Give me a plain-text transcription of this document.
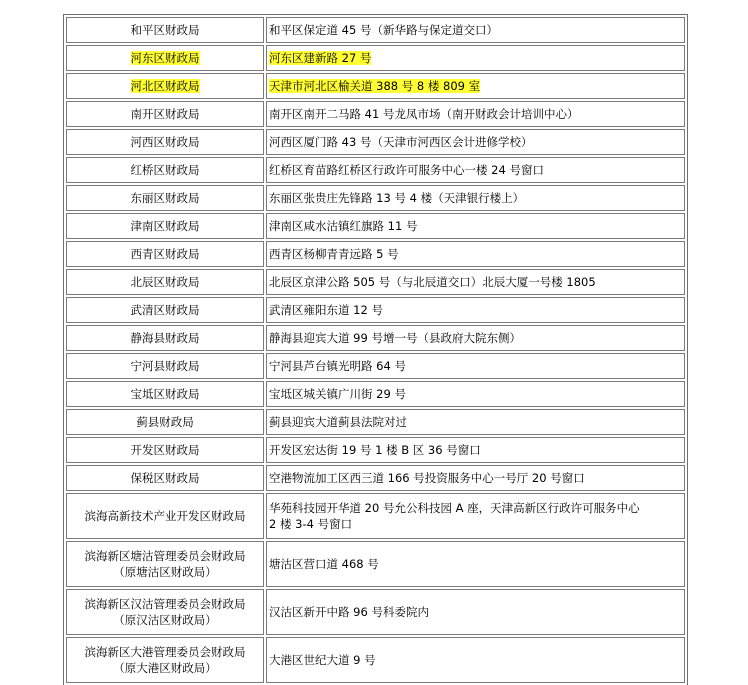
和平区财政局	和平区保定道 45 号（新华路与保定道交口）

河东区财政局	河东区建新路 27 号
河北区财政局	天津市河北区榆关道 388 号 8 楼 809 室

南开区财政局	南开区南开二马路 41 号龙凤市场（南开财政会计培训中心）

河西区财政局	河西区厦门路 43 号（天津市河西区会计进修学校）

红桥区财政局	红桥区育苗路红桥区行政许可服务中心一楼 24 号窗口

东丽区财政局	东丽区张贵庄先锋路 13 号 4 楼（天津银行楼上）

津南区财政局	津南区咸水沽镇红旗路 11 号

西青区财政局	西青区杨柳青青远路 5 号

北辰区财政局	北辰区京津公路 505 号（与北辰道交口）北辰大厦一号楼 1805

武清区财政局	武清区雍阳东道 12 号

静海县财政局	静海县迎宾大道 99 号增一号（县政府大院东侧）

宁河县财政局	宁河县芦台镇光明路 64 号

宝坻区财政局	宝坻区城关镇广川街 29 号

蓟县财政局	蓟县迎宾大道蓟县法院对过

开发区财政局	开发区宏达街 19 号 1 楼 B 区 36 号窗口

保税区财政局	空港物流加工区西三道 166 号投资服务中心一号厅 20 号窗口

滨海高新技术产业开发区财政局	华苑科技园开华道 20 号允公科技园 A 座，天津高新区行政许可服务中心
2 楼 3-4 号窗口

滨海新区塘沽管理委员会财政局
（原塘沽区财政局）	塘沽区营口道 468 号

滨海新区汉沽管理委员会财政局
（原汉沽区财政局）	汉沽区新开中路 96 号科委院内

滨海新区大港管理委员会财政局
（原大港区财政局）	大港区世纪大道 9 号
